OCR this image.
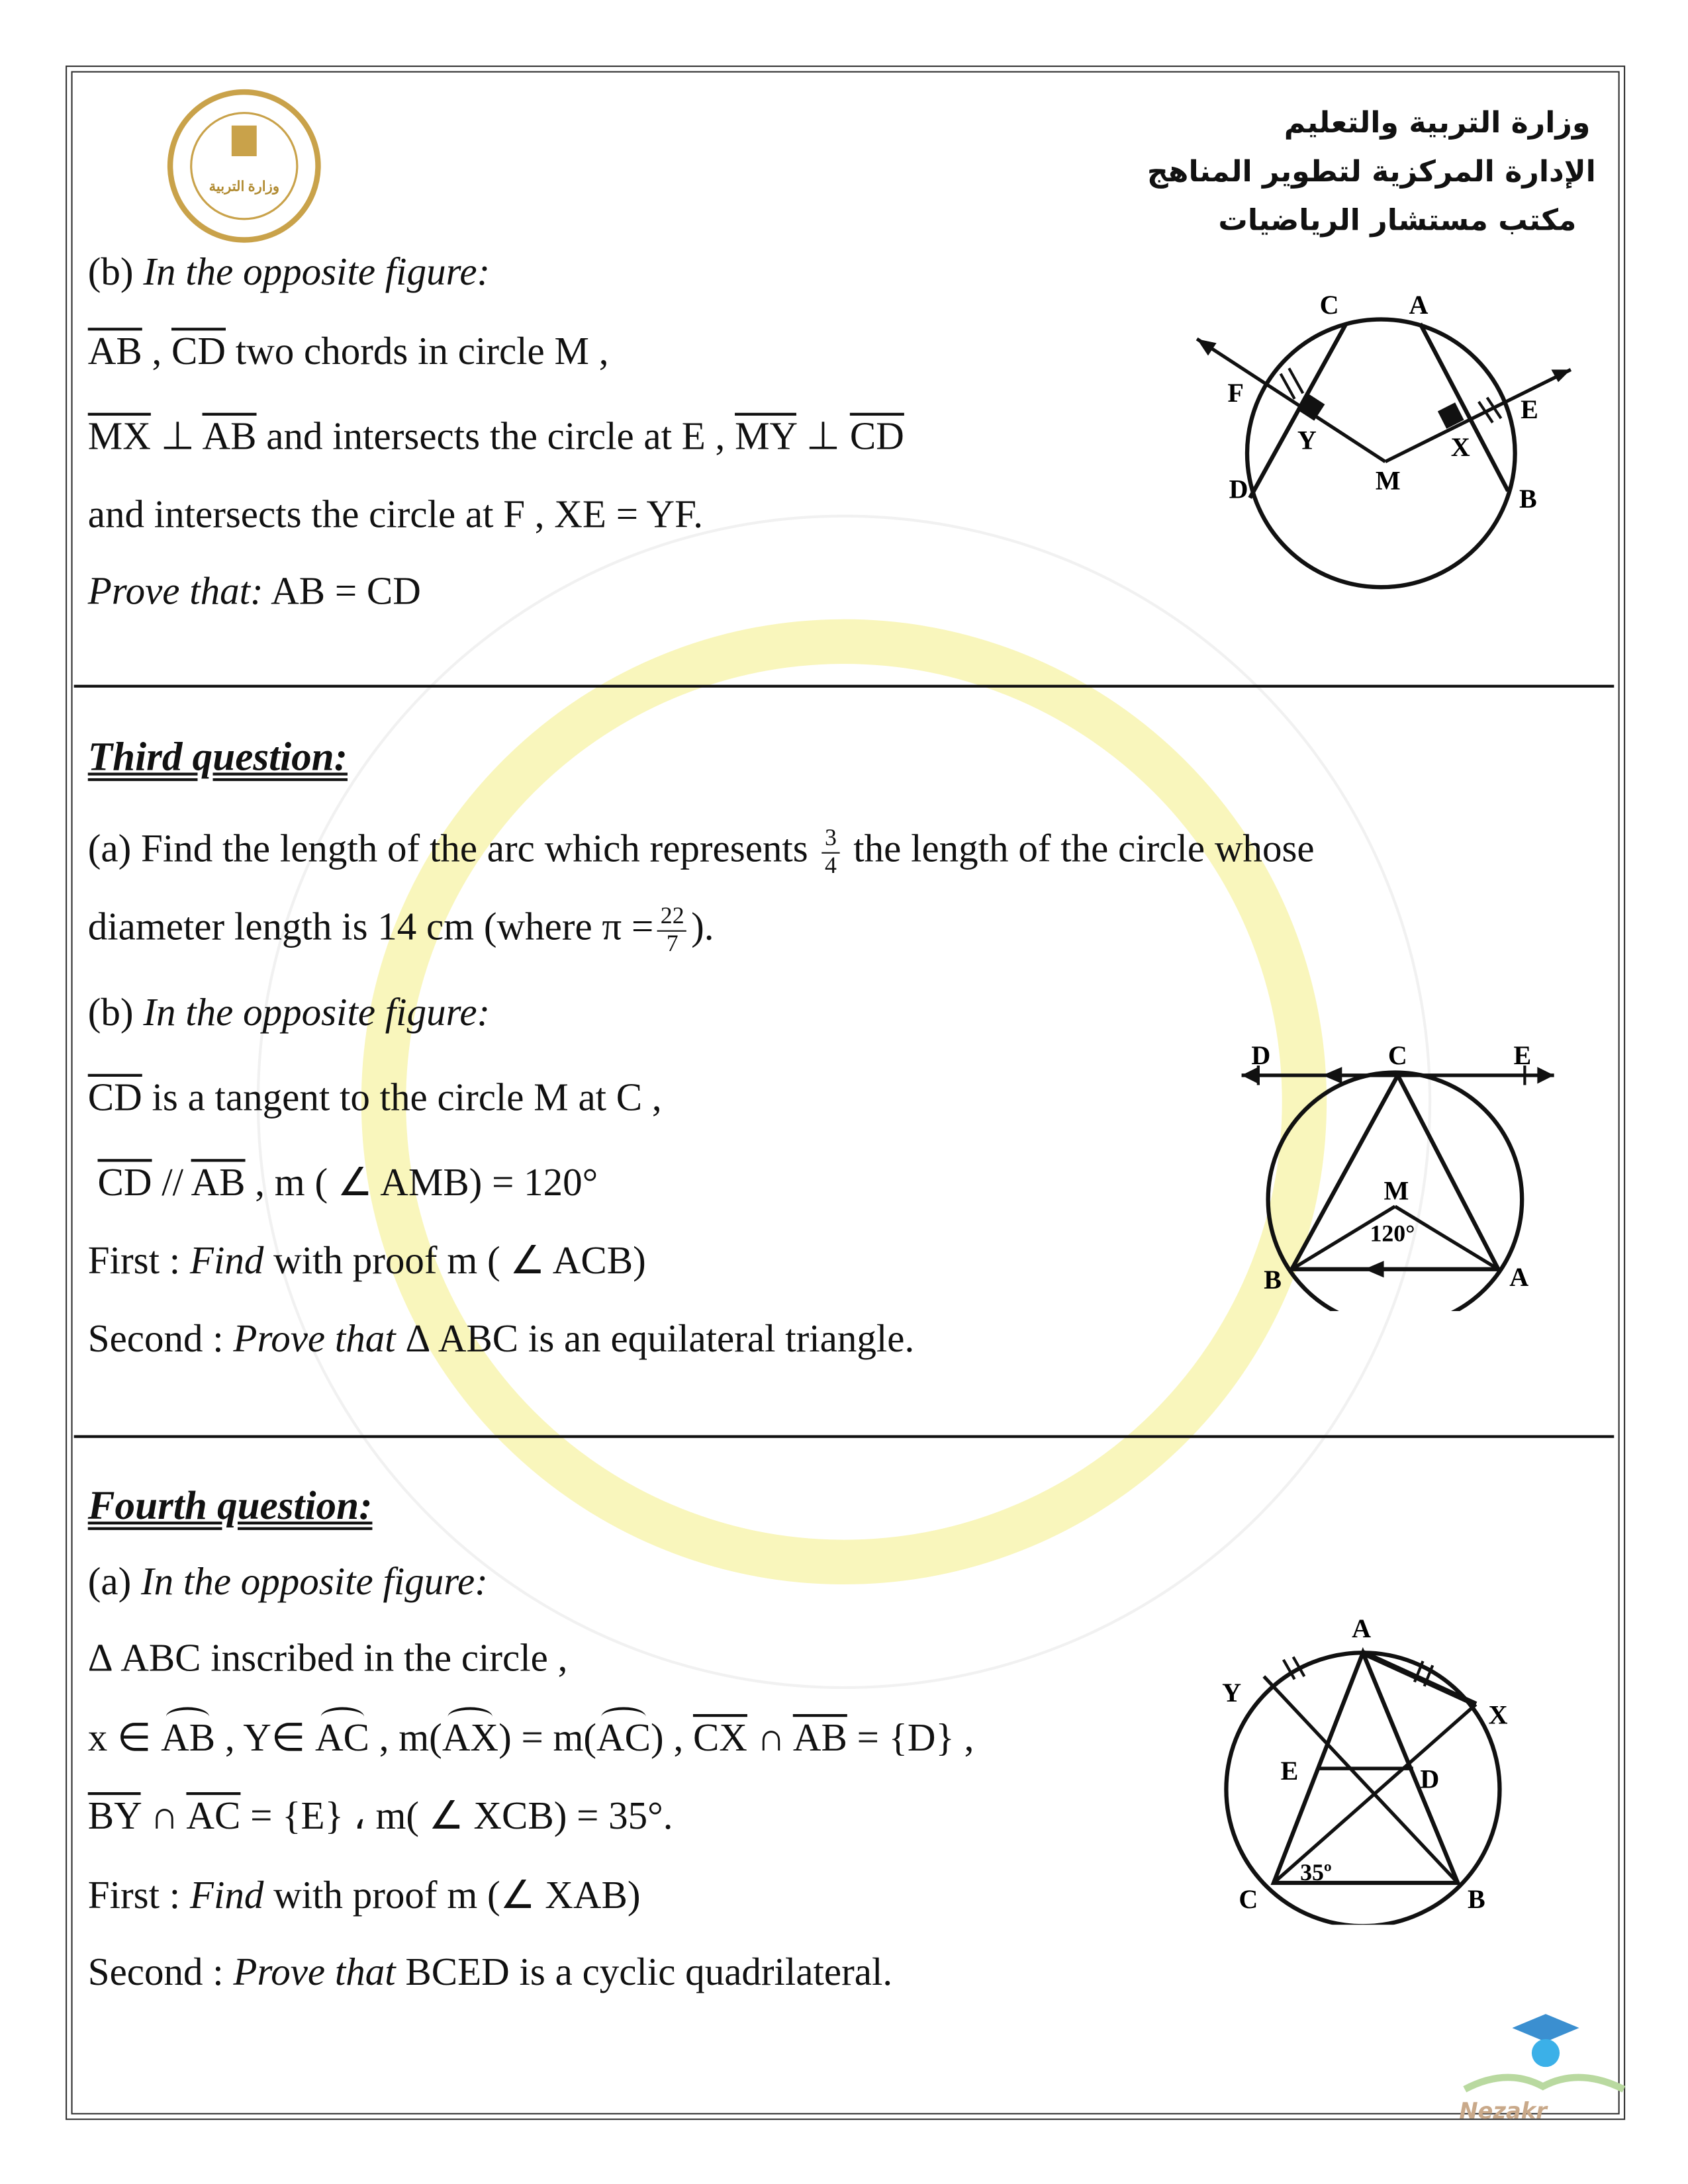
وزارة التربية
وزارة التربية والتعليم
الإدارة المركزية لتطوير المناهج
مكتب مستشار الرياضيات
(b) In the opposite figure:
$\overline{AB}$ , $\overline{CD}$ two chords in circle M ,
$\overline{MX}$ ⊥ $\overline{AB}$ and intersects the circle at E , $\overline{MY}$ ⊥ $\overline{CD}$
and intersects the circle at F , XE = YF.
Prove that: AB = CD
C	A
F
E
Y	X
D	M
B
Third question:
(a) Find the length of the arc which represents $\frac{3}{4}$ the length of the circle whose
diameter length is 14 cm (where $\pi = \frac{22}{7}$ ).
(b) In the opposite figure:
$\overline{CD}$ is a tangent to the circle M at C ,
$\overline{CD} // \overline{AB}$ , m ( ∠ AMB) = 120°
First : Find with proof m ( ∠ ACB)
Second : Prove that Δ ABC is an equilateral triangle.
D	C	E
M
120°
B	A
Fourth question:
(a) In the opposite figure:
Δ ABC inscribed in the circle ,
x ∈ AB , Y∈ AC , m(AX) = m(AC) , $\overline{CX}$ ∩ $\overline{AB} = \{D\}$ ,
$\overline{BY}$ ∩ $\overline{AC} = \{E\}$ ، m( ∠ XCB) = 35°.
First : Find with proof m (∠ XAB)
Second : Prove that BCED is a cyclic quadrilateral.
A
Y
X
E	D
35º
C	B
Nezakr
